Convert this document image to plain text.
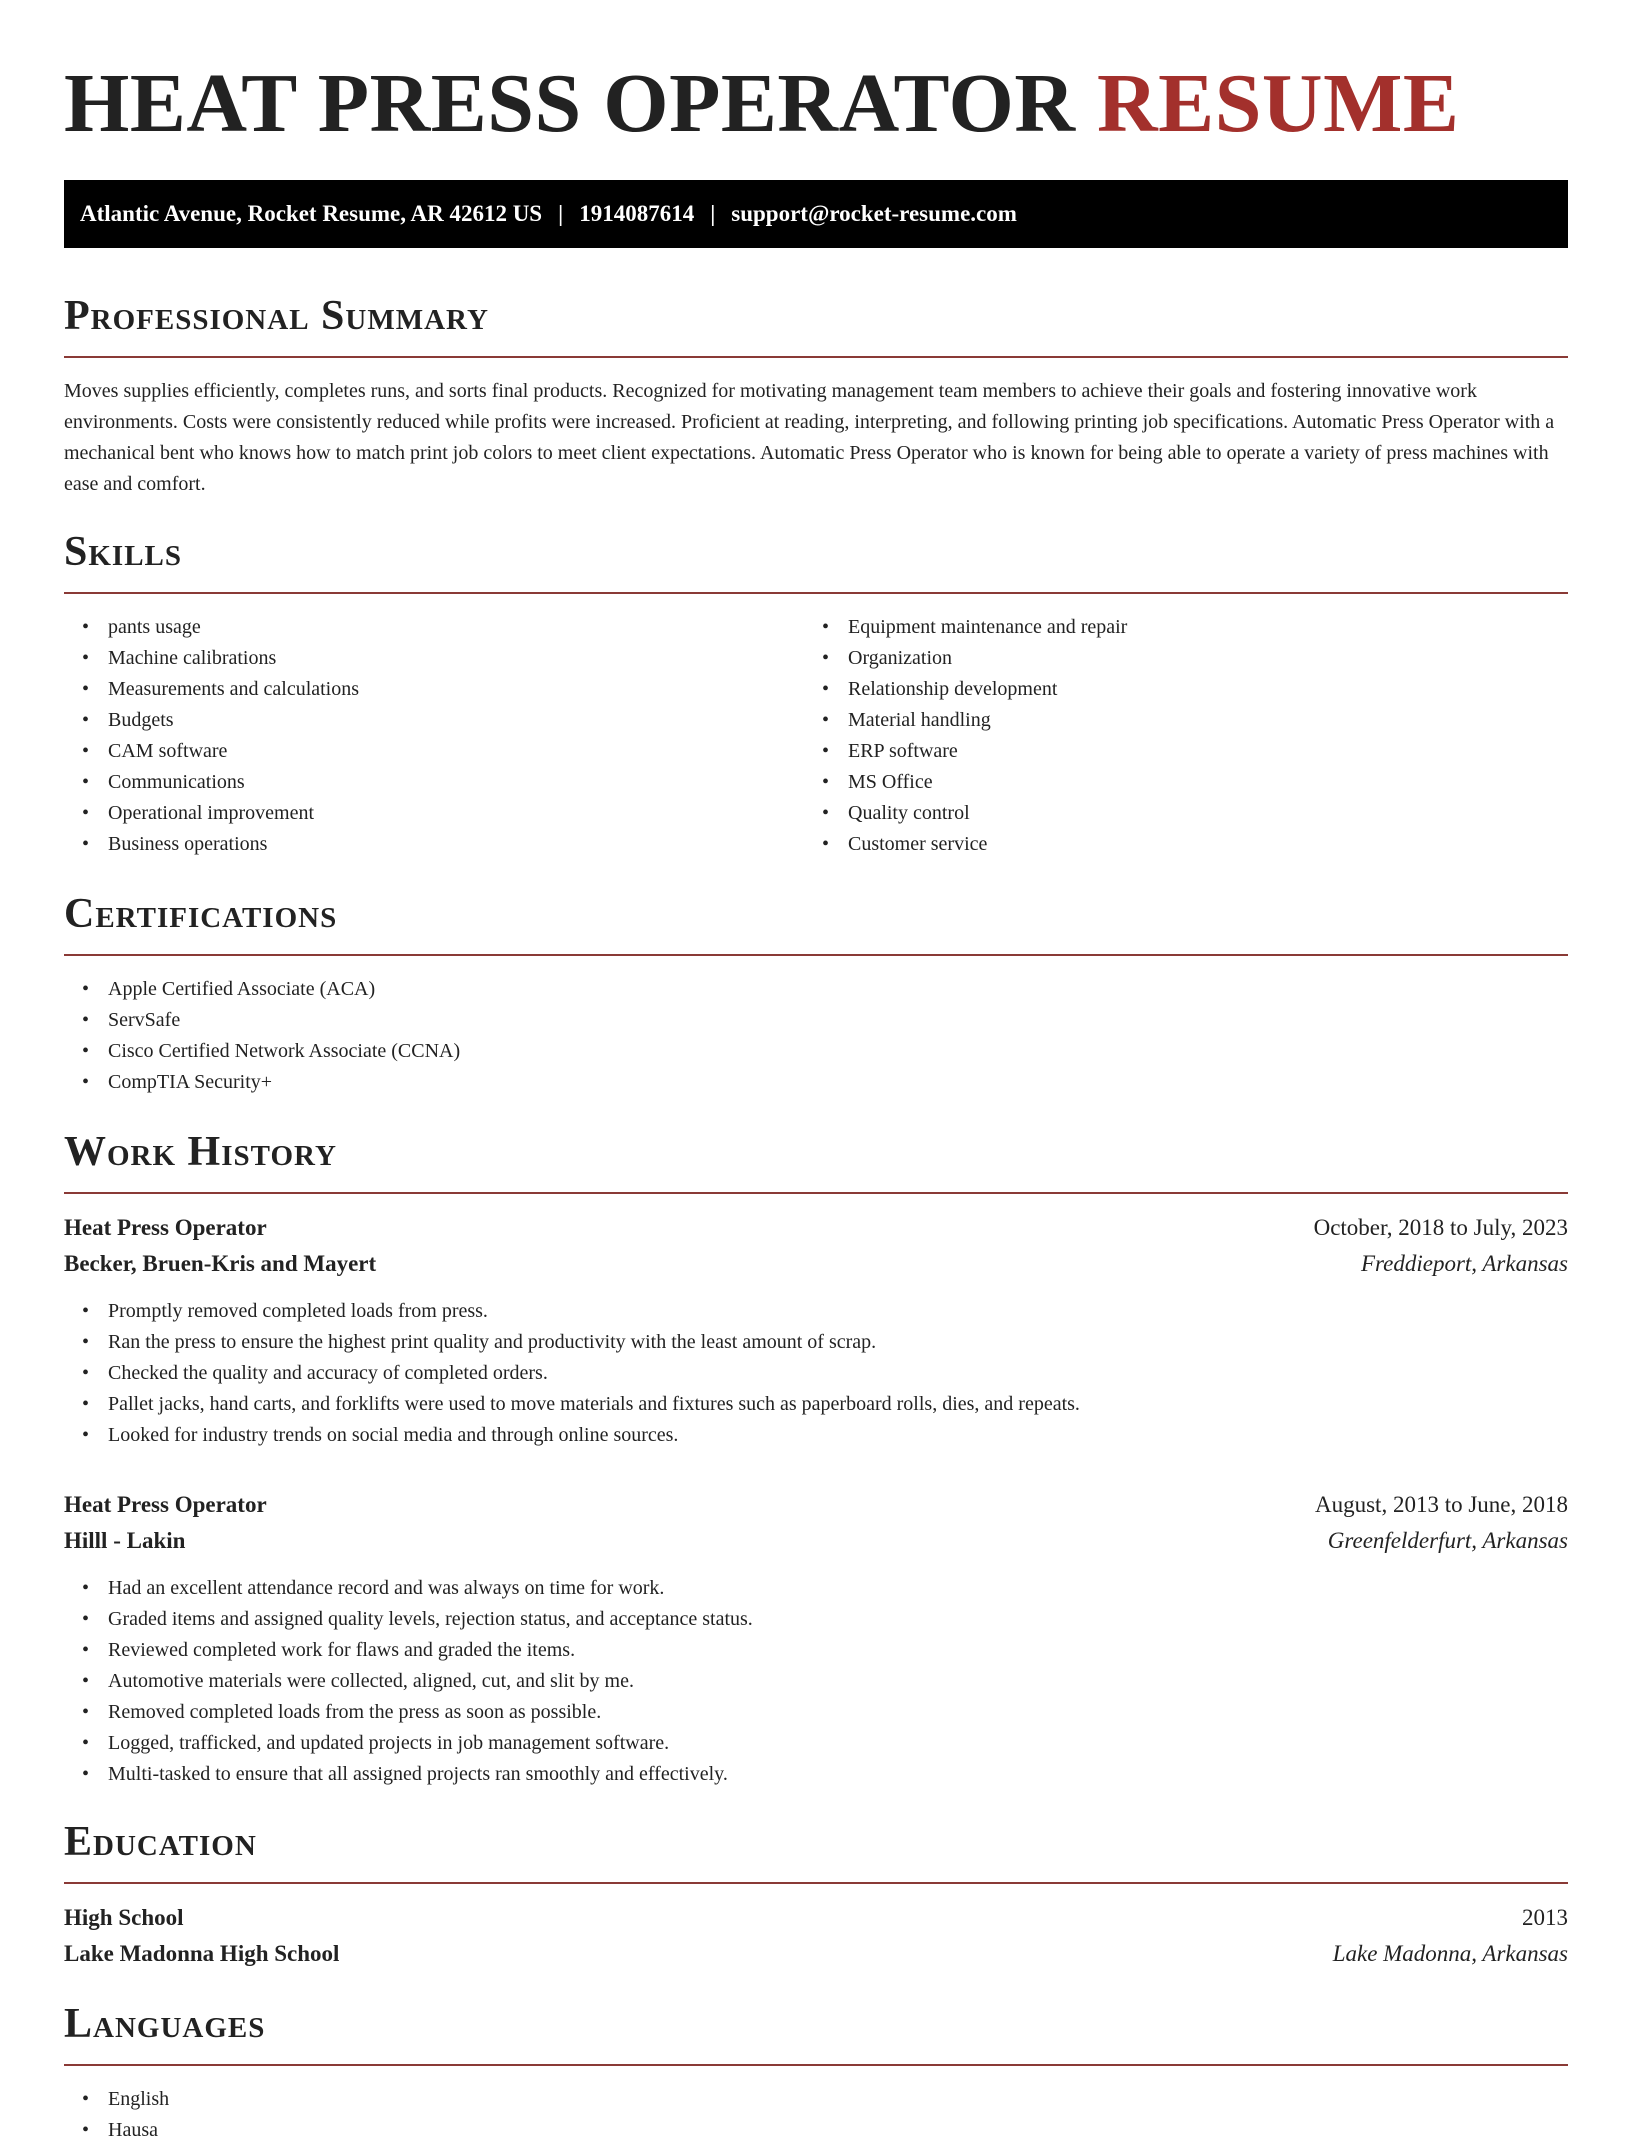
HEAT PRESS OPERATOR RESUME
Atlantic Avenue, Rocket Resume, AR 42612 US | 1914087614 | support@rocket-resume.com
Professional Summary

Moves supplies efficiently, completes runs, and sorts final products. Recognized for motivating management team members to achieve their goals and fostering innovative work environments. Costs were consistently reduced while profits were increased. Proficient at reading, interpreting, and following printing job specifications. Automatic Press Operator with a mechanical bent who knows how to match print job colors to meet client expectations. Automatic Press Operator who is known for being able to operate a variety of press machines with ease and comfort.

Skills
• pants usage
• Machine calibrations
• Measurements and calculations
• Budgets
• CAM software
• Communications
• Operational improvement
• Business operations
• Equipment maintenance and repair
• Organization
• Relationship development
• Material handling
• ERP software
• MS Office
• Quality control
• Customer service
Certifications
• Apple Certified Associate (ACA)
• ServSafe
• Cisco Certified Network Associate (CCNA)
• CompTIA Security+
Work History
Heat Press Operator	October, 2018 to July, 2023
Becker, Bruen-Kris and Mayert	Freddieport, Arkansas
• Promptly removed completed loads from press.
• Ran the press to ensure the highest print quality and productivity with the least amount of scrap.
• Checked the quality and accuracy of completed orders.
• Pallet jacks, hand carts, and forklifts were used to move materials and fixtures such as paperboard rolls, dies, and repeats.
• Looked for industry trends on social media and through online sources.
Heat Press Operator	August, 2013 to June, 2018
Hilll - Lakin	Greenfelderfurt, Arkansas
• Had an excellent attendance record and was always on time for work.
• Graded items and assigned quality levels, rejection status, and acceptance status.
• Reviewed completed work for flaws and graded the items.
• Automotive materials were collected, aligned, cut, and slit by me.
• Removed completed loads from the press as soon as possible.
• Logged, trafficked, and updated projects in job management software.
• Multi-tasked to ensure that all assigned projects ran smoothly and effectively.
Education
High School	2013
Lake Madonna High School	Lake Madonna, Arkansas
Languages
• English
• Hausa
